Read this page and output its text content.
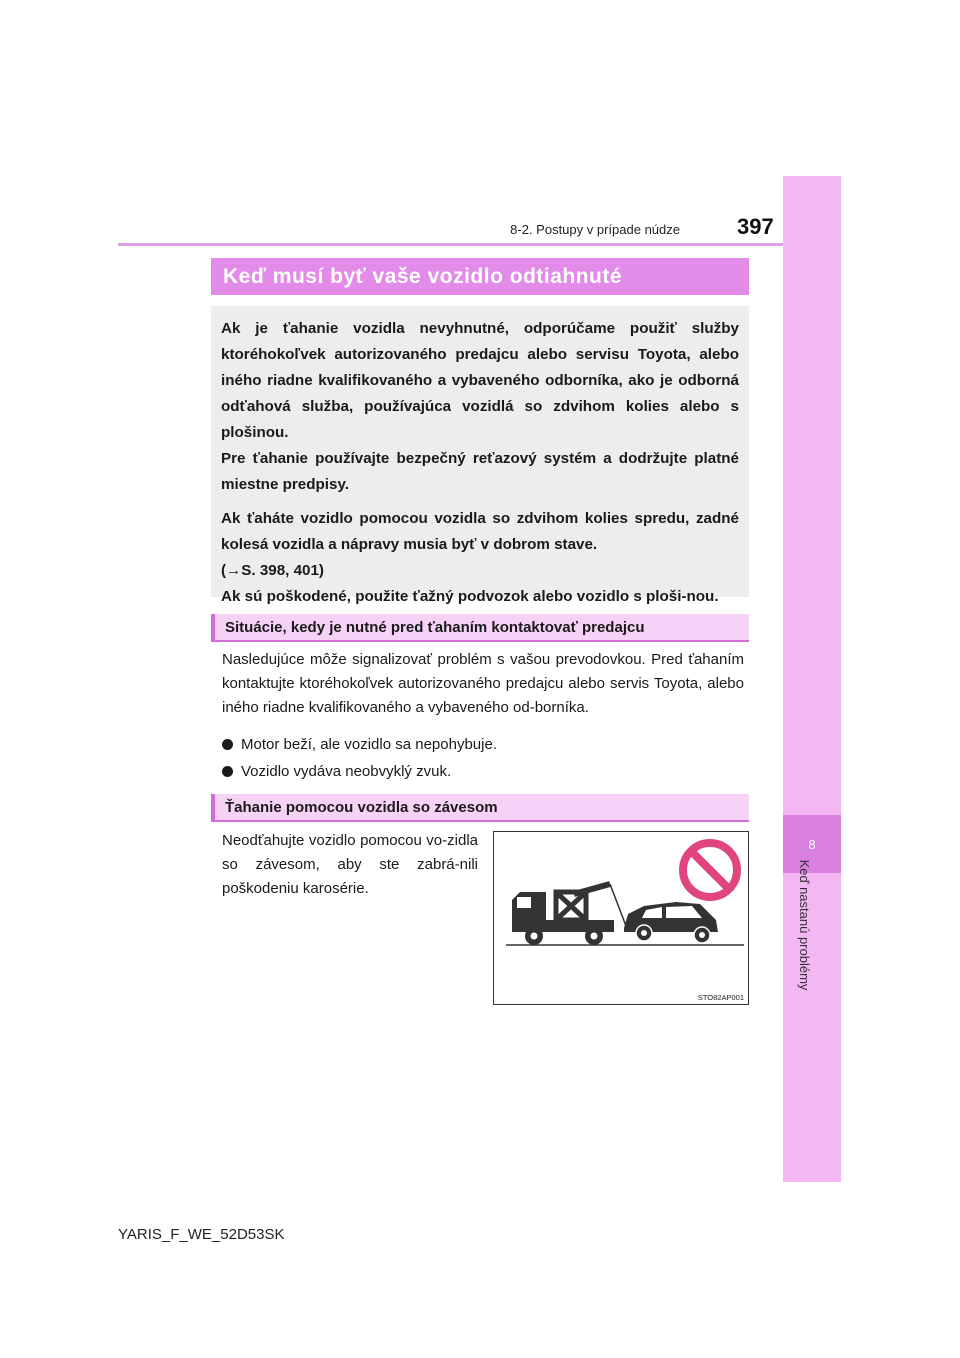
8
Keď nastanú problémy
8-2. Postupy v prípade núdze	397
Keď musí byť vaše vozidlo odtiahnuté

Ak je ťahanie vozidla nevyhnutné, odporúčame použiť služby ktoréhokoľvek autorizovaného predajcu alebo servisu Toyota, alebo iného riadne kvalifikovaného a vybaveného odborníka, ako je odborná odťahová služba, používajúca vozidlá so zdvihom kolies alebo s plošinou.
Pre ťahanie používajte bezpečný reťazový systém a dodržujte platné miestne predpisy.

Ak ťaháte vozidlo pomocou vozidla so zdvihom kolies spredu, zadné kolesá vozidla a nápravy musia byť v dobrom stave.
(→S. 398, 401)
Ak sú poškodené, použite ťažný podvozok alebo vozidlo s ploši-nou.

Situácie, kedy je nutné pred ťahaním kontaktovať predajcu

Nasledujúce môže signalizovať problém s vašou prevodovkou. Pred ťahaním kontaktujte ktoréhokoľvek autorizovaného predajcu alebo servis Toyota, alebo iného riadne kvalifikovaného a vybaveného od-borníka.

Motor beží, ale vozidlo sa nepohybuje.
Vozidlo vydáva neobvyklý zvuk.
Ťahanie pomocou vozidla so závesom

Neodťahujte vozidlo pomocou vo-zidla so závesom, aby ste zabrá-nili poškodeniu karosérie.

STO82AP001
YARIS_F_WE_52D53SK
